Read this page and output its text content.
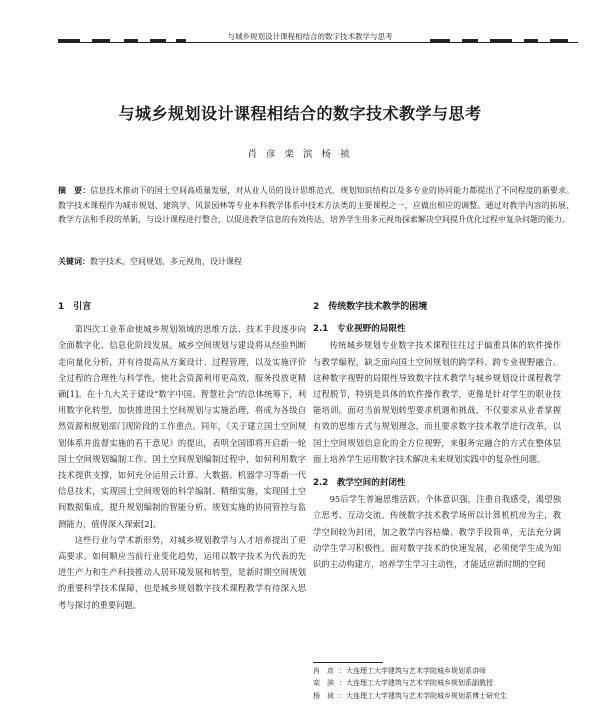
与城乡规划设计课程相结合的数字技术教学与思考
与城乡规划设计课程相结合的数字技术教学与思考
肖 彦 栾 滨 杨 祯
摘　要：信息技术推动下的国土空间高质量发展，对从业人员的设计思维范式、规划知识结构以及多专业的协同能力都提出了不同程度的新要求。数字技术课程作为城市规划、建筑学、风景园林等专业本科教学体系中技术方法类的主要课程之一，应做出相应的调整。通过对教学内容的拓展、教学方法和手段的革新，与设计课程进行整合，以促进教学信息的有效传达，培养学生用多元视角探索解决空间提升优化过程中复杂问题的能力。
关键词：数字技术，空间规划，多元视角，设计课程
1　引言

第四次工业革命使城乡规划领域的思维方法、技术手段逐步向全面数字化、信息化阶段发展。城乡空间规划与建设将从经验判断走向量化分析，并有待提高从方案设计、过程管理，以及实施评价全过程的合理性与科学性，使社会资源利用更高效，服务投放更精确[1]。在十九大关于建设“数字中国、智慧社会”的总体统筹下，利用数字化转型，加快推进国土空间规划与实施治理，将成为各级自然资源和规划部门现阶段的工作重点。同年，《关于建立国土空间规划体系并监督实施的若干意见》的提出，表明全国即将开启新一轮国土空间规划编制工作。国土空间规划编制过程中，如何利用数字技术提供支撑，如何充分运用云计算、大数据、机器学习等新一代信息技术，实现国土空间规划的科学编制、精细实施，实现国土空间数据集成，提升规划编制的智能分析、规划实施的协同管控与监测能力，值得深入探索[2]。

这些行业与学术新形势，对城乡规划教学与人才培养提出了更高要求。如何顺应当前行业变化趋势，运用以数字技术为代表的先进生产力和生产科技推动人居环境发展和转型，是新时期空间规划的重要科学技术保障，也是城乡规划数字技术课程教学有待深入思考与探讨的重要问题。

2　传统数字技术教学的困境
2.1　专业视野的局限性

传统城乡规划专业数字技术课程往往过于偏重具体的软件操作与教学编程，缺乏面向国土空间规划的跨学科、跨专业视野融合。这种数字视野的局限性导致数字技术教学与城乡规划设计课程教学过程脱节，特别是具体的软件操作教学，更像是针对学生的职业技能培训。面对当前规划转型要求机遇和挑战，不仅要求从业者掌握有效的思维方式与规划理念，而且要求数字技术教学进行改革，以国土空间规划信息化的全方位视野，来服务完融合的方式在整体层面上培养学生运用数字技术解决未来规划实践中的复杂性问题。

2.2　教学空间的封闭性

95后学生普遍思维活跃、个体意识强，注重自我感受，渴望独立思考、互动交流。传统数字技术教学场所以计算机机房为主，教学空间较为封闭，加之教学内容枯燥、教学手段简单，无法充分调动学生学习积极性。面对数字技术的快速发展，必须使学生成为知识的主动构建方，培养学生学习主动性，才能适应新时期的空间

肖　彦 ：大连理工大学建筑与艺术学院城乡规划系讲师
栾　滨 ：大连理工大学建筑与艺术学院城乡规划系副教授
杨　祯 ：大连理工大学建筑与艺术学院城乡规划系博士研究生
